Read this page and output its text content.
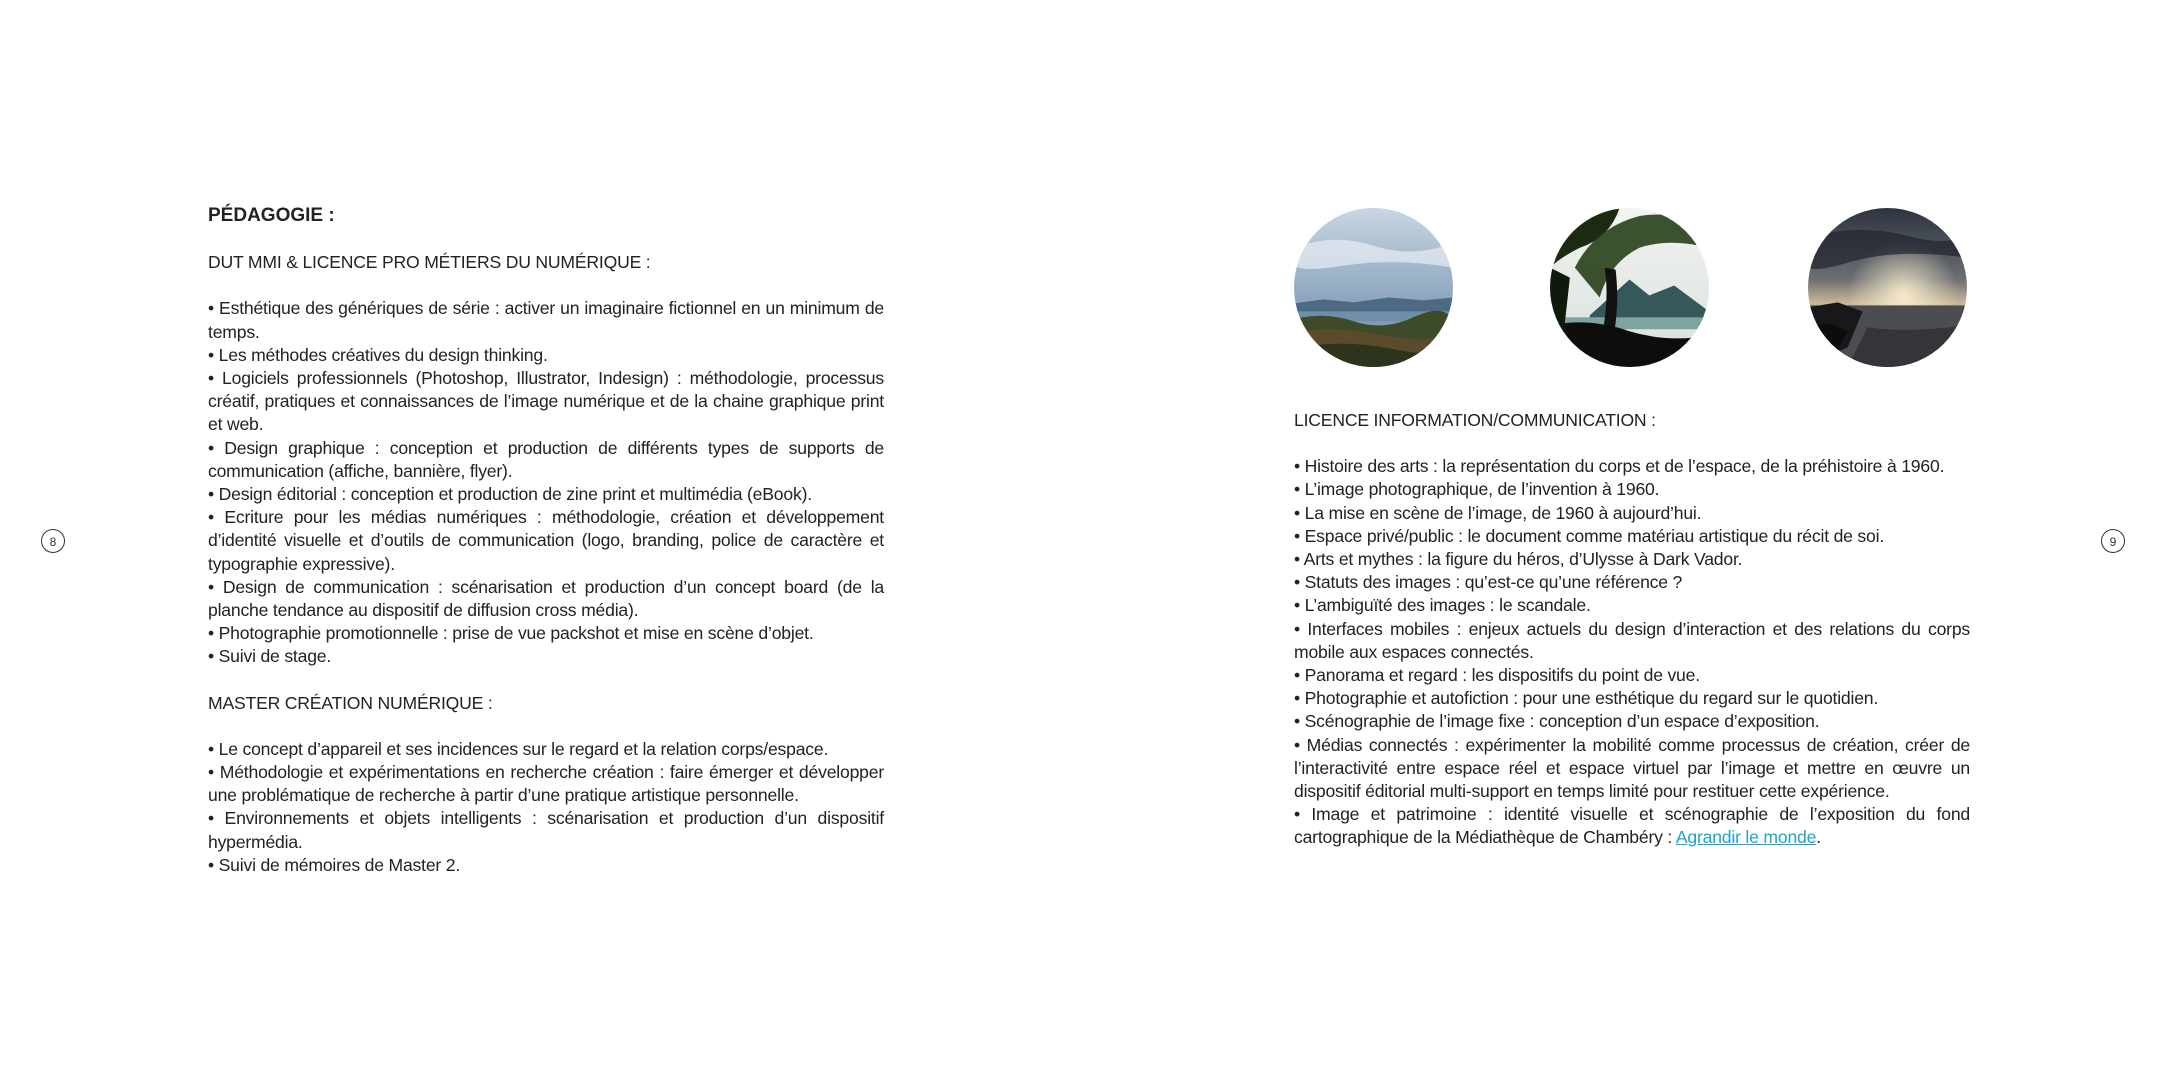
8
PÉDAGOGIE :
DUT MMI & LICENCE PRO MÉTIERS DU NUMÉRIQUE :
• Esthétique des génériques de série : activer un imaginaire fictionnel en un minimum de temps.
• Les méthodes créatives du design thinking.
• Logiciels professionnels (Photoshop, Illustrator, Indesign) : méthodologie, processus créatif, pratiques et connaissances de l’image numérique et de la chaine graphique print et web.
• Design graphique : conception et production de différents types de supports de communication (affiche, bannière, flyer).
• Design éditorial : conception et production de zine print et multimédia (eBook).
• Ecriture pour les médias numériques : méthodologie, création et développement d’identité visuelle et d’outils de communication (logo, branding, police de caractère et typographie expressive).
• Design de communication : scénarisation et production d’un concept board (de la planche tendance au dispositif de diffusion cross média).
• Photographie promotionnelle : prise de vue packshot et mise en scène d’objet.
• Suivi de stage.
MASTER CRÉATION NUMÉRIQUE :
• Le concept d’appareil et ses incidences sur le regard et la relation corps/espace.
• Méthodologie et expérimentations en recherche création : faire émerger et développer une problématique de recherche à partir d’une pratique artistique personnelle.
• Environnements et objets intelligents : scénarisation et production d’un dispositif hypermédia.
• Suivi de mémoires de Master 2.
9
LICENCE INFORMATION/COMMUNICATION :
• Histoire des arts : la représentation du corps et de l’espace, de la préhistoire à 1960.
• L’image photographique, de l’invention à 1960.
• La mise en scène de l’image, de 1960 à aujourd’hui.
• Espace privé/public : le document comme matériau artistique du récit de soi.
• Arts et mythes : la figure du héros, d’Ulysse à Dark Vador.
• Statuts des images : qu’est-ce qu’une référence ?
• L’ambiguïté des images : le scandale.
• Interfaces mobiles : enjeux actuels du design d’interaction et des relations du corps mobile aux espaces connectés.
• Panorama et regard : les dispositifs du point de vue.
• Photographie et autofiction : pour une esthétique du regard sur le quotidien.
• Scénographie de l’image fixe : conception d’un espace d’exposition.
• Médias connectés : expérimenter la mobilité comme processus de création, créer de l’interactivité entre espace réel et espace virtuel par l’image et mettre en œuvre un dispositif éditorial multi-support en temps limité pour restituer cette expérience.
• Image et patrimoine : identité visuelle et scénographie de l’exposition du fond cartographique de la Médiathèque de Chambéry : Agrandir le monde.
